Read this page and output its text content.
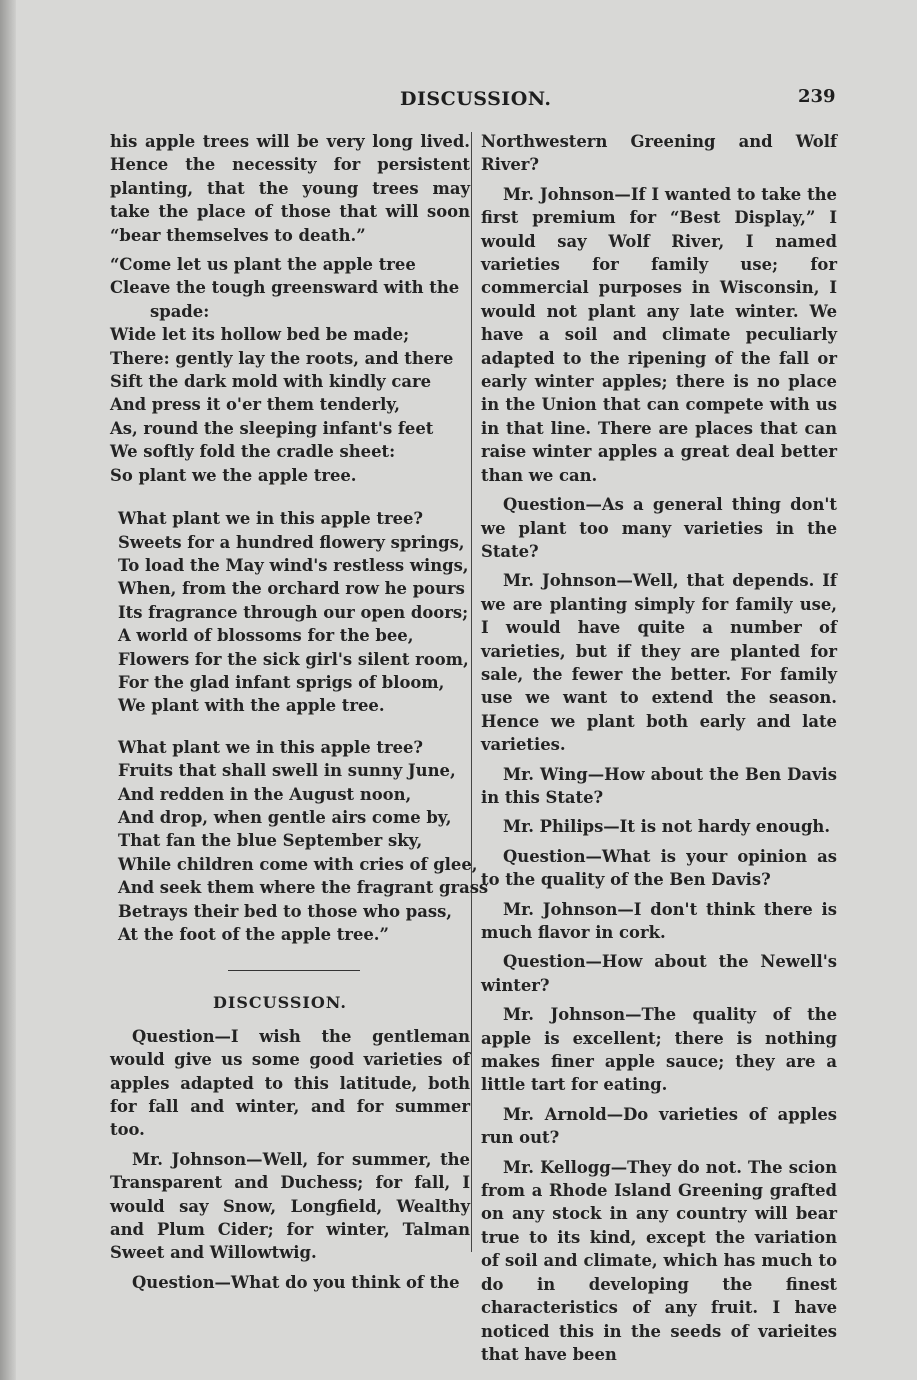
DISCUSSION.	239

his apple trees will be very long lived. Hence the necessity for persistent planting, that the young trees may take the place of those that will soon “bear themselves to death.”

“Come let us plant the apple tree
Cleave the tough greensward with the
spade:
Wide let its hollow bed be made;
There: gently lay the roots, and there
Sift the dark mold with kindly care
And press it o'er them tenderly,
As, round the sleeping infant's feet
We softly fold the cradle sheet:
So plant we the apple tree.
What plant we in this apple tree?
Sweets for a hundred flowery springs,
To load the May wind's restless wings,
When, from the orchard row he pours
Its fragrance through our open doors;
A world of blossoms for the bee,
Flowers for the sick girl's silent room,
For the glad infant sprigs of bloom,
We plant with the apple tree.
What plant we in this apple tree?
Fruits that shall swell in sunny June,
And redden in the August noon,
And drop, when gentle airs come by,
That fan the blue September sky,
While children come with cries of glee,
And seek them where the fragrant grass
Betrays their bed to those who pass,
At the foot of the apple tree.”
DISCUSSION.

Question—I wish the gentleman would give us some good varieties of apples adapted to this latitude, both for fall and winter, and for summer too.

Mr. Johnson—Well, for summer, the Transparent and Duchess; for fall, I would say Snow, Longfield, Wealthy and Plum Cider; for winter, Talman Sweet and Willowtwig.

Question—What do you think of the

Northwestern Greening and Wolf River?

Mr. Johnson—If I wanted to take the first premium for “Best Display,” I would say Wolf River, I named varieties for family use; for commercial purposes in Wisconsin, I would not plant any late winter. We have a soil and climate peculiarly adapted to the ripening of the fall or early winter apples; there is no place in the Union that can compete with us in that line. There are places that can raise winter apples a great deal better than we can.

Question—As a general thing don't we plant too many varieties in the State?

Mr. Johnson—Well, that depends. If we are planting simply for family use, I would have quite a number of varieties, but if they are planted for sale, the fewer the better. For family use we want to extend the season. Hence we plant both early and late varieties.

Mr. Wing—How about the Ben Davis in this State?

Mr. Philips—It is not hardy enough.

Question—What is your opinion as to the quality of the Ben Davis?

Mr. Johnson—I don't think there is much flavor in cork.

Question—How about the Newell's winter?

Mr. Johnson—The quality of the apple is excellent; there is nothing makes finer apple sauce; they are a little tart for eating.

Mr. Arnold—Do varieties of apples run out?

Mr. Kellogg—They do not. The scion from a Rhode Island Greening grafted on any stock in any country will bear true to its kind, except the variation of soil and climate, which has much to do in developing the finest characteristics of any fruit. I have noticed this in the seeds of varieites that have been
